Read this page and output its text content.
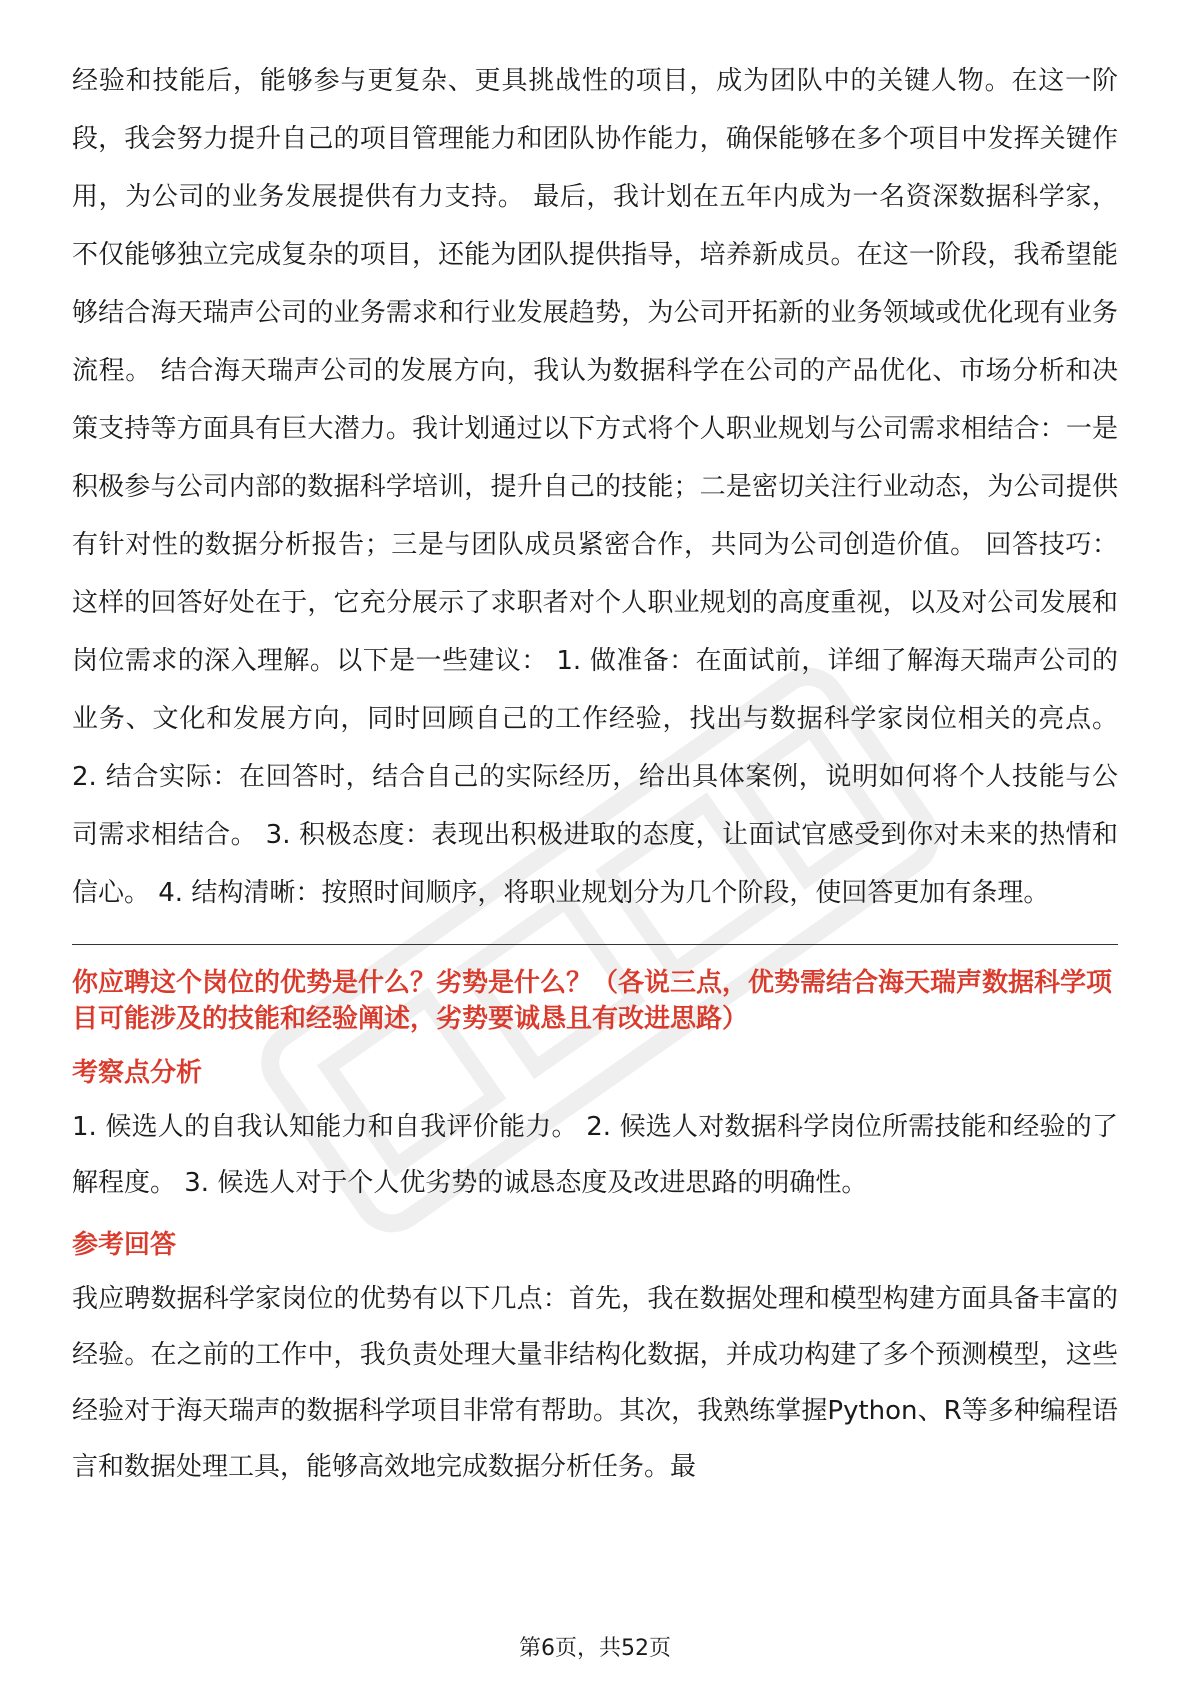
经验和技能后，能够参与更复杂、更具挑战性的项目，成为团队中的关键人物。在这一阶段，我会努力提升自己的项目管理能力和团队协作能力，确保能够在多个项目中发挥关键作用，为公司的业务发展提供有力支持。 最后，我计划在五年内成为一名资深数据科学家，不仅能够独立完成复杂的项目，还能为团队提供指导，培养新成员。在这一阶段，我希望能够结合海天瑞声公司的业务需求和行业发展趋势，为公司开拓新的业务领域或优化现有业务流程。 结合海天瑞声公司的发展方向，我认为数据科学在公司的产品优化、市场分析和决策支持等方面具有巨大潜力。我计划通过以下方式将个人职业规划与公司需求相结合：一是积极参与公司内部的数据科学培训，提升自己的技能；二是密切关注行业动态，为公司提供有针对性的数据分析报告；三是与团队成员紧密合作，共同为公司创造价值。 回答技巧： 这样的回答好处在于，它充分展示了求职者对个人职业规划的高度重视，以及对公司发展和岗位需求的深入理解。以下是一些建议： 1. 做准备：在面试前，详细了解海天瑞声公司的业务、文化和发展方向，同时回顾自己的工作经验，找出与数据科学家岗位相关的亮点。 2. 结合实际：在回答时，结合自己的实际经历，给出具体案例，说明如何将个人技能与公司需求相结合。 3. 积极态度：表现出积极进取的态度，让面试官感受到你对未来的热情和信心。 4. 结构清晰：按照时间顺序，将职业规划分为几个阶段，使回答更加有条理。

你应聘这个岗位的优势是什么？劣势是什么？（各说三点，优势需结合海天瑞声数据科学项目可能涉及的技能和经验阐述，劣势要诚恳且有改进思路）

考察点分析

1. 候选人的自我认知能力和自我评价能力。 2. 候选人对数据科学岗位所需技能和经验的了解程度。 3. 候选人对于个人优劣势的诚恳态度及改进思路的明确性。

参考回答

我应聘数据科学家岗位的优势有以下几点：首先，我在数据处理和模型构建方面具备丰富的经验。在之前的工作中，我负责处理大量非结构化数据，并成功构建了多个预测模型，这些经验对于海天瑞声的数据科学项目非常有帮助。其次，我熟练掌握Python、R等多种编程语言和数据处理工具，能够高效地完成数据分析任务。最

第6页，共52页
